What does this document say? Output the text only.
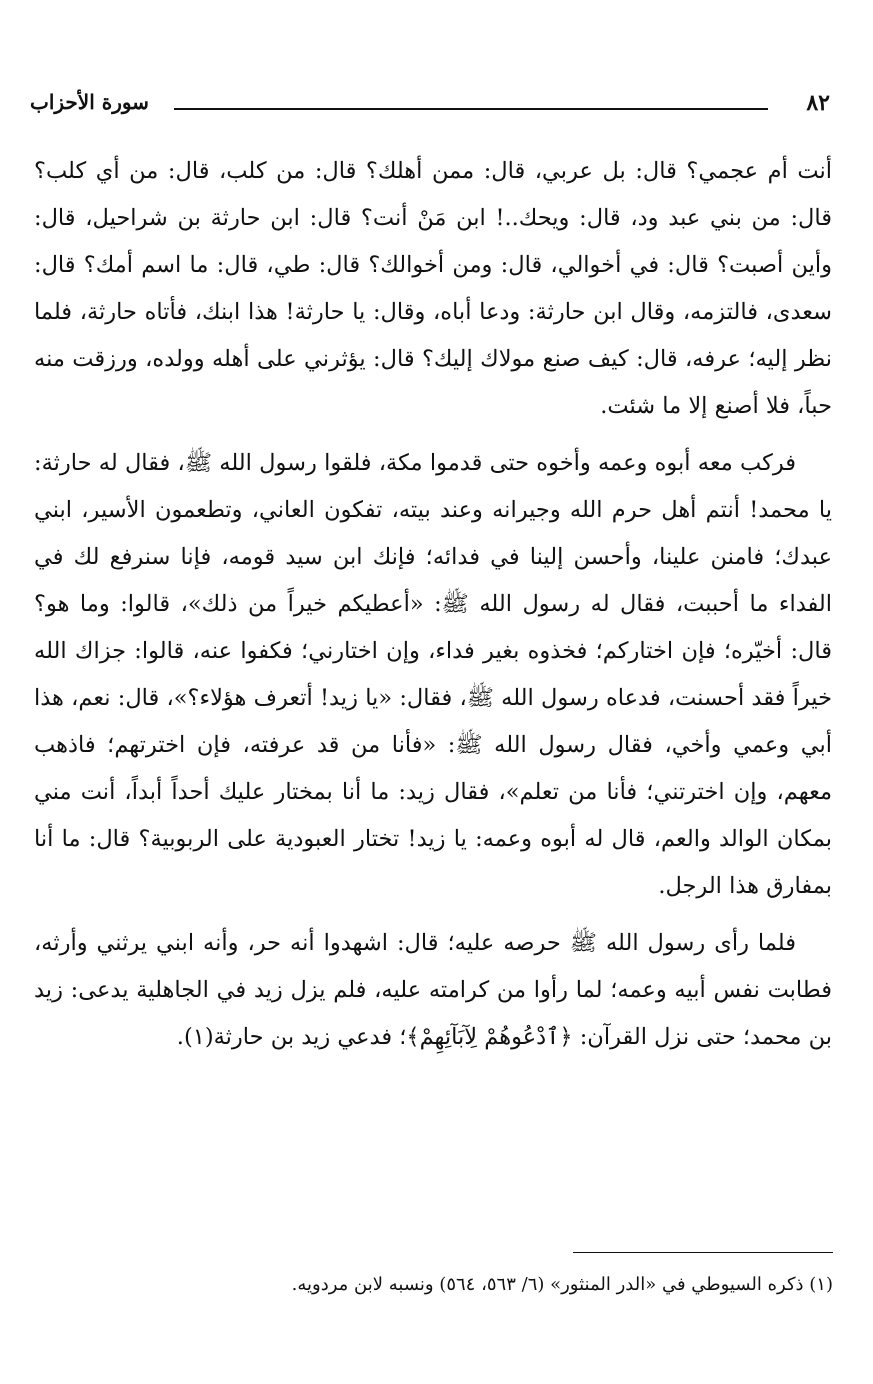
٨٢
سورة الأحزاب

أنت أم عجمي؟ قال: بل عربي، قال: ممن أهلك؟ قال: من كلب، قال: من أي كلب؟ قال: من بني عبد ود، قال: ويحك..! ابن مَنْ أنت؟ قال: ابن حارثة بن شراحيل، قال: وأين أصبت؟ قال: في أخوالي، قال: ومن أخوالك؟ قال: طي، قال: ما اسم أمك؟ قال: سعدى، فالتزمه، وقال ابن حارثة: ودعا أباه، وقال: يا حارثة! هذا ابنك، فأتاه حارثة، فلما نظر إليه؛ عرفه، قال: كيف صنع مولاك إليك؟ قال: يؤثرني على أهله وولده، ورزقت منه حباً، فلا أصنع إلا ما شئت.

فركب معه أبوه وعمه وأخوه حتى قدموا مكة، فلقوا رسول الله ﷺ، فقال له حارثة: يا محمد! أنتم أهل حرم الله وجيرانه وعند بيته، تفكون العاني، وتطعمون الأسير، ابني عبدك؛ فامنن علينا، وأحسن إلينا في فدائه؛ فإنك ابن سيد قومه، فإنا سنرفع لك في الفداء ما أحببت، فقال له رسول الله ﷺ: «أعطيكم خيراً من ذلك»، قالوا: وما هو؟ قال: أخيّره؛ فإن اختاركم؛ فخذوه بغير فداء، وإن اختارني؛ فكفوا عنه، قالوا: جزاك الله خيراً فقد أحسنت، فدعاه رسول الله ﷺ، فقال: «يا زيد! أتعرف هؤلاء؟»، قال: نعم، هذا أبي وعمي وأخي، فقال رسول الله ﷺ: «فأنا من قد عرفته، فإن اخترتهم؛ فاذهب معهم، وإن اخترتني؛ فأنا من تعلم»، فقال زيد: ما أنا بمختار عليك أحداً أبداً، أنت مني بمكان الوالد والعم، قال له أبوه وعمه: يا زيد! تختار العبودية على الربوبية؟ قال: ما أنا بمفارق هذا الرجل.

فلما رأى رسول الله ﷺ حرصه عليه؛ قال: اشهدوا أنه حر، وأنه ابني يرثني وأرثه، فطابت نفس أبيه وعمه؛ لما رأوا من كرامته عليه، فلم يزل زيد في الجاهلية يدعى: زيد بن محمد؛ حتى نزل القرآن: ﴿ٱدْعُوهُمْ لِآبَآئِهِمْ﴾؛ فدعي زيد بن حارثة(١).

(١) ذكره السيوطي في «الدر المنثور» (٦/ ٥٦٣، ٥٦٤) ونسبه لابن مردويه.
